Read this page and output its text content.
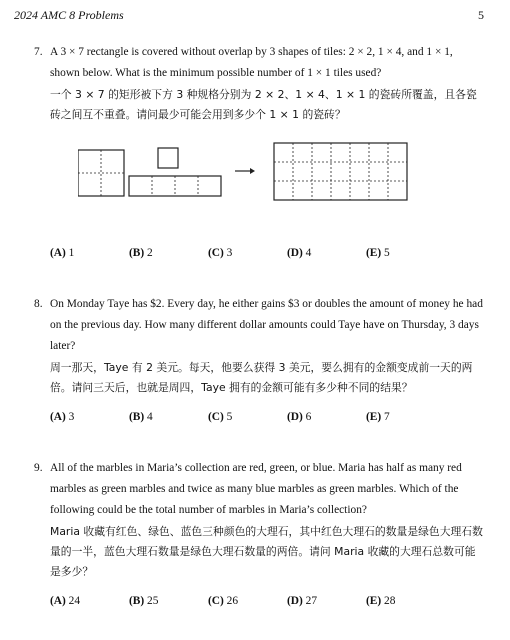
2024 AMC 8 Problems	5
7. A 3 × 7 rectangle is covered without overlap by 3 shapes of tiles: 2 × 2, 1 × 4, and 1 × 1, shown below. What is the minimum possible number of 1 × 1 tiles used?

一个 3 × 7 的矩形被下方 3 种规格分别为 2 × 2、1 × 4、1 × 1 的瓷砖所覆盖，且各瓷砖之间互不重叠。请问最少可能会用到多少个 1 × 1 的瓷砖？

(A) 1	(B) 2	(C) 3	(D) 4	(E) 5
8. On Monday Taye has $2. Every day, he either gains $3 or doubles the amount of money he had on the previous day. How many different dollar amounts could Taye have on Thursday, 3 days later?

周一那天，Taye 有 2 美元。每天，他要么获得 3 美元，要么拥有的金额变成前一天的两倍。请问三天后，也就是周四，Taye 拥有的金额可能有多少种不同的结果？

(A) 3	(B) 4	(C) 5	(D) 6	(E) 7
9. All of the marbles in Maria’s collection are red, green, or blue. Maria has half as many red marbles as green marbles and twice as many blue marbles as green marbles. Which of the following could be the total number of marbles in Maria’s collection?

Maria 收藏有红色、绿色、蓝色三种颜色的大理石，其中红色大理石的数量是绿色大理石数量的一半，蓝色大理石数量是绿色大理石数量的两倍。请问 Maria 收藏的大理石总数可能是多少？

(A) 24	(B) 25	(C) 26	(D) 27	(E) 28
